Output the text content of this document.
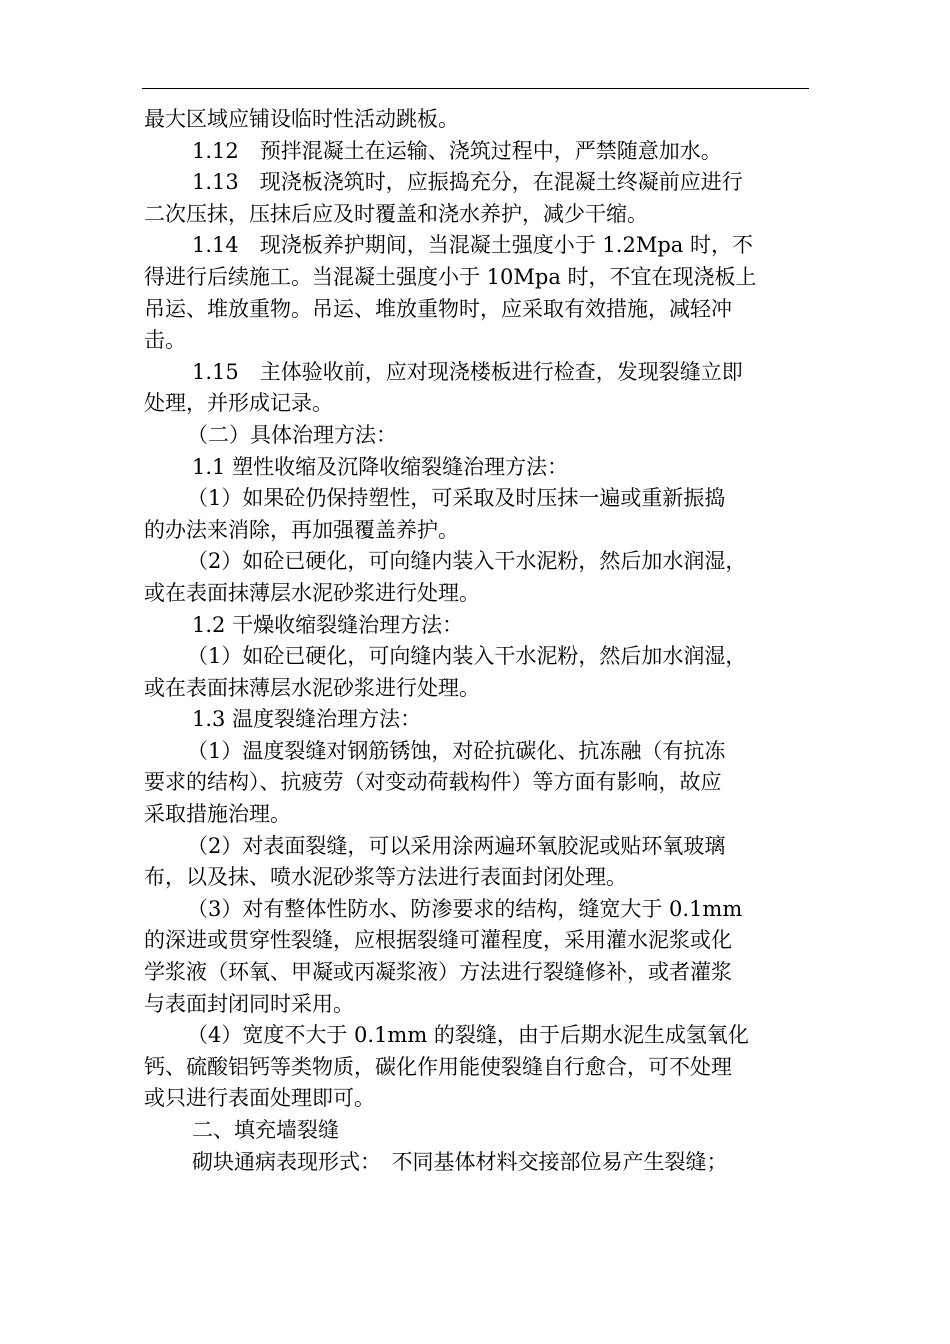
最大区域应铺设临时性活动跳板。
1.12　预拌混凝土在运输、浇筑过程中，严禁随意加水。
1.13　现浇板浇筑时，应振捣充分，在混凝土终凝前应进行
二次压抹，压抹后应及时覆盖和浇水养护，减少干缩。
1.14　现浇板养护期间，当混凝土强度小于 1.2Mpa 时，不
得进行后续施工。当混凝土强度小于 10Mpa 时，不宜在现浇板上
吊运、堆放重物。吊运、堆放重物时，应采取有效措施，减轻冲
击。
1.15　主体验收前，应对现浇楼板进行检查，发现裂缝立即
处理，并形成记录。
（二）具体治理方法：
1.1 塑性收缩及沉降收缩裂缝治理方法：
（1）如果砼仍保持塑性，可采取及时压抹一遍或重新振捣
的办法来消除，再加强覆盖养护。
（2）如砼已硬化，可向缝内装入干水泥粉，然后加水润湿，
或在表面抹薄层水泥砂浆进行处理。
1.2 干燥收缩裂缝治理方法：
（1）如砼已硬化，可向缝内装入干水泥粉，然后加水润湿，
或在表面抹薄层水泥砂浆进行处理。
1.3 温度裂缝治理方法：
（1）温度裂缝对钢筋锈蚀，对砼抗碳化、抗冻融（有抗冻
要求的结构）、抗疲劳（对变动荷载构件）等方面有影响，故应
采取措施治理。
（2）对表面裂缝，可以采用涂两遍环氧胶泥或贴环氧玻璃
布，以及抹、喷水泥砂浆等方法进行表面封闭处理。
（3）对有整体性防水、防渗要求的结构，缝宽大于 0.1mm
的深进或贯穿性裂缝，应根据裂缝可灌程度，采用灌水泥浆或化
学浆液（环氧、甲凝或丙凝浆液）方法进行裂缝修补，或者灌浆
与表面封闭同时采用。
（4）宽度不大于 0.1mm 的裂缝，由于后期水泥生成氢氧化
钙、硫酸铝钙等类物质，碳化作用能使裂缝自行愈合，可不处理
或只进行表面处理即可。
二、填充墙裂缝
砌块通病表现形式：　不同基体材料交接部位易产生裂缝；
